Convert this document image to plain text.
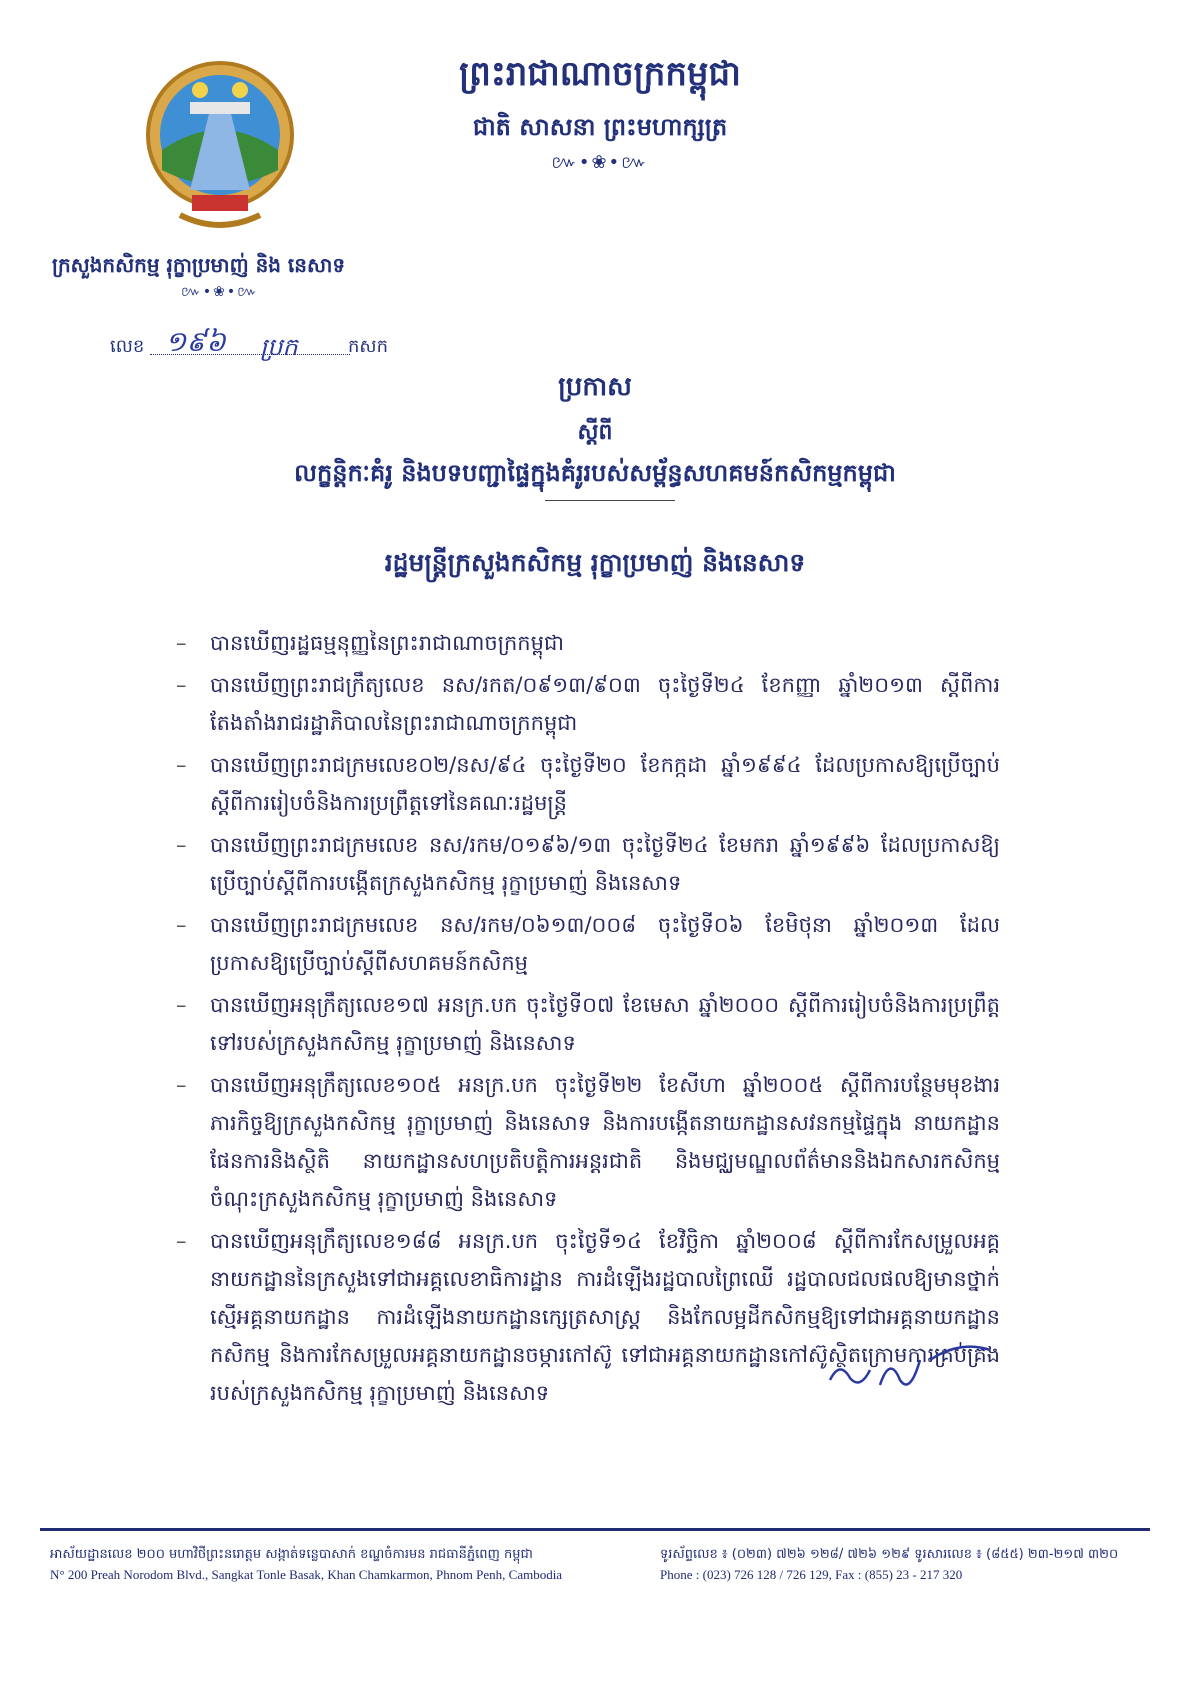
ព្រះរាជាណាចក្រកម្ពុជា
ជាតិ សាសនា ព្រះមហាក្សត្រ
៚•❀•៚
ក្រសួងកសិកម្ម រុក្ខាប្រមាញ់ និង នេសាទ
៚•❀•៚
លេខ ១៩៦ ប្រក	កសក
ប្រកាស
ស្តីពី
លក្ខន្តិកៈគំរូ និងបទបញ្ជាផ្ទៃក្នុងគំរូរបស់សម្ព័ន្ធសហគមន៍កសិកម្មកម្ពុជា
រដ្ឋមន្ត្រីក្រសួងកសិកម្ម រុក្ខាប្រមាញ់ និងនេសាទ
– បានឃើញរដ្ឋធម្មនុញ្ញនៃព្រះរាជាណាចក្រកម្ពុជា
– បានឃើញព្រះរាជក្រឹត្យលេខ នស/រកត/០៩១៣/៩០៣ ចុះថ្ងៃទី២៤ ខែកញ្ញា ឆ្នាំ២០១៣ ស្តីពីការតែងតាំងរាជរដ្ឋាភិបាលនៃព្រះរាជាណាចក្រកម្ពុជា
– បានឃើញព្រះរាជក្រមលេខ០២/នស/៩៤ ចុះថ្ងៃទី២០ ខែកក្កដា ឆ្នាំ១៩៩៤ ដែលប្រកាសឱ្យប្រើច្បាប់ស្តីពីការរៀបចំនិងការប្រព្រឹត្តទៅនៃគណៈរដ្ឋមន្ត្រី
– បានឃើញព្រះរាជក្រមលេខ នស/រកម/០១៩៦/១៣ ចុះថ្ងៃទី២៤ ខែមករា ឆ្នាំ១៩៩៦ ដែលប្រកាសឱ្យប្រើច្បាប់ស្តីពីការបង្កើតក្រសួងកសិកម្ម រុក្ខាប្រមាញ់ និងនេសាទ
– បានឃើញព្រះរាជក្រមលេខ នស/រកម/០៦១៣/០០៨ ចុះថ្ងៃទី០៦ ខែមិថុនា ឆ្នាំ២០១៣ ដែលប្រកាសឱ្យប្រើច្បាប់ស្តីពីសហគមន៍កសិកម្ម
– បានឃើញអនុក្រឹត្យលេខ១៧ អនក្រ.បក ចុះថ្ងៃទី០៧ ខែមេសា ឆ្នាំ២០០០ ស្តីពីការរៀបចំនិងការប្រព្រឹត្តទៅរបស់ក្រសួងកសិកម្ម រុក្ខាប្រមាញ់ និងនេសាទ
– បានឃើញអនុក្រឹត្យលេខ១០៥ អនក្រ.បក ចុះថ្ងៃទី២២ ខែសីហា ឆ្នាំ២០០៥ ស្តីពីការបន្ថែមមុខងារ ភារកិច្ចឱ្យក្រសួងកសិកម្ម រុក្ខាប្រមាញ់ និងនេសាទ និងការបង្កើតនាយកដ្ឋានសវនកម្មផ្ទៃក្នុង នាយកដ្ឋានផែនការនិងស្ថិតិ នាយកដ្ឋានសហប្រតិបត្តិការអន្តរជាតិ និងមជ្ឈមណ្ឌលព័ត៌មាននិងឯកសារកសិកម្ម ចំណុះក្រសួងកសិកម្ម រុក្ខាប្រមាញ់ និងនេសាទ
– បានឃើញអនុក្រឹត្យលេខ១៨៨ អនក្រ.បក ចុះថ្ងៃទី១៤ ខែវិច្ឆិកា ឆ្នាំ២០០៨ ស្តីពីការកែសម្រួលអគ្គនាយកដ្ឋាននៃក្រសួងទៅជាអគ្គលេខាធិការដ្ឋាន ការដំឡើងរដ្ឋបាលព្រៃឈើ រដ្ឋបាលជលផលឱ្យមានថ្នាក់ស្មើអគ្គនាយកដ្ឋាន ការដំឡើងនាយកដ្ឋានក្សេត្រសាស្ត្រ និងកែលម្អដីកសិកម្មឱ្យទៅជាអគ្គនាយកដ្ឋានកសិកម្ម និងការកែសម្រួលអគ្គនាយកដ្ឋានចម្ការកៅស៊ូ ទៅជាអគ្គនាយកដ្ឋានកៅស៊ូស្ថិតក្រោមការគ្រប់គ្រងរបស់ក្រសួងកសិកម្ម រុក្ខាប្រមាញ់ និងនេសាទ
អាស័យដ្ឋានលេខ ២០០ មហាវិថីព្រះនរោត្តម សង្កាត់ទន្លេបាសាក់ ខណ្ឌចំការមន រាជធានីភ្នំពេញ កម្ពុជា
N° 200 Preah Norodom Blvd., Sangkat Tonle Basak, Khan Chamkarmon, Phnom Penh, Cambodia
ទូរស័ព្ទលេខ ៖ (០២៣) ៧២៦ ១២៨/ ៧២៦ ១២៩ ទូរសារលេខ ៖ (៨៥៥) ២៣-២១៧ ៣២០
Phone : (023) 726 128 / 726 129, Fax : (855) 23 - 217 320
